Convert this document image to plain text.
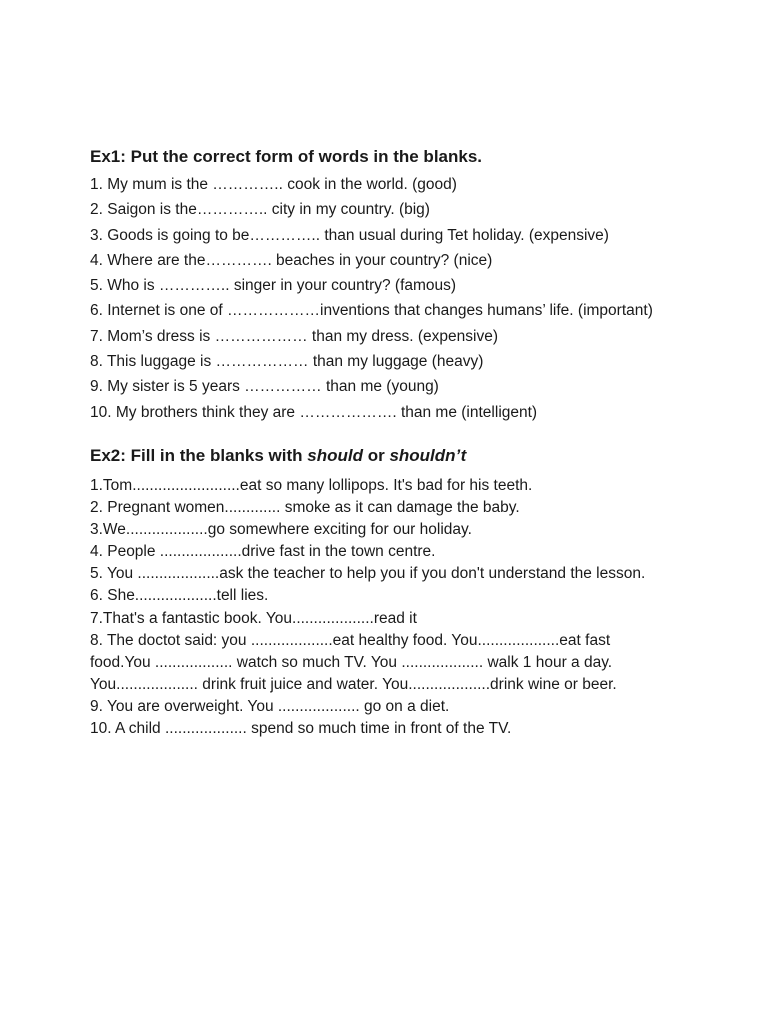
Ex1: Put the correct form of words in the blanks.
1. My mum is the ………….. cook in the world. (good)
2. Saigon is the………….. city in my country. (big)
3. Goods is going to be………….. than usual during Tet holiday. (expensive)
4. Where are the…………. beaches in your country? (nice)
5. Who is ………….. singer in your country? (famous)
6. Internet is one of ………………inventions that changes humans’ life. (important)
7. Mom’s dress is ……………… than my dress. (expensive)
8. This luggage is ……………… than my luggage (heavy)
9. My sister is 5 years …………… than me (young)
10. My brothers think they are ………………. than me (intelligent)
Ex2: Fill in the blanks with should or shouldn’t
1.Tom.........................eat so many lollipops. It's bad for his teeth.
2. Pregnant women............. smoke as it can damage the baby.
3.We...................go somewhere exciting for our holiday.
4. People ...................drive fast in the town centre.
5. You ...................ask the teacher to help you if you don't understand the lesson.
6. She...................tell lies.
7.That's a fantastic book. You...................read it
8. The doctot said: you ...................eat healthy food. You...................eat fast
food.You .................. watch so much TV. You ................... walk 1 hour a day.
You................... drink fruit juice and water. You...................drink wine or beer.
9. You are overweight. You ................... go on a diet.
10. A child ................... spend so much time in front of the TV.
